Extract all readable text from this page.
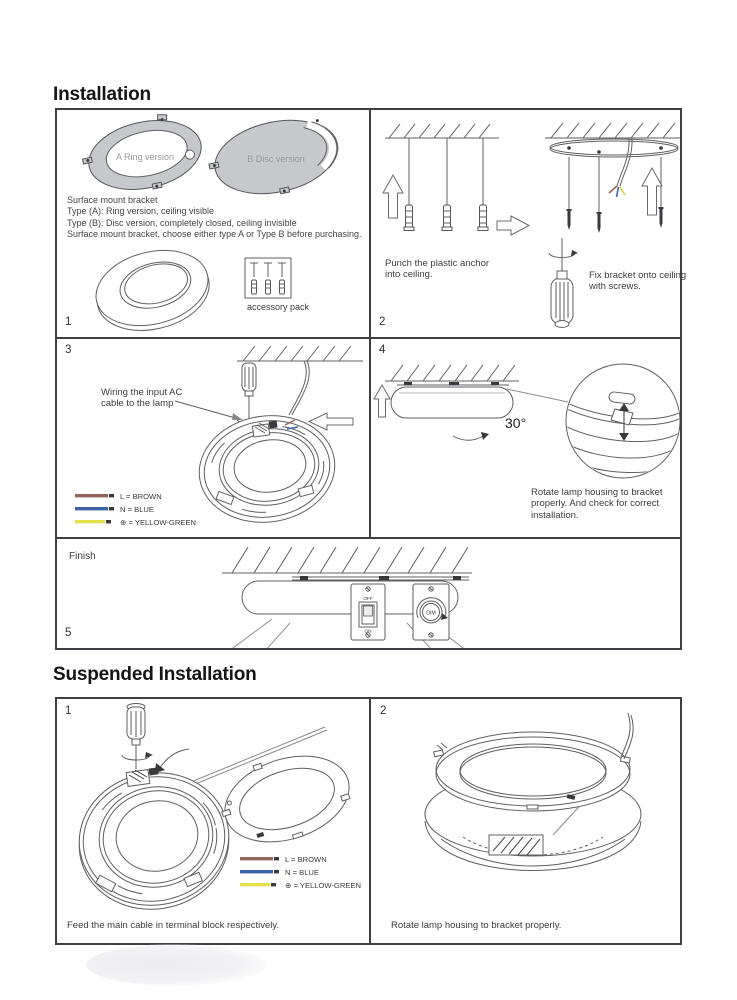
Installation
A Ring version	B Disc version
Surface mount bracket
Type (A): Ring version, ceiling visible
Type (B): Disc version, completely closed, ceiling invisible
Surface mount bracket, choose either type A or Type B before purchasing.
accessory pack
1
Punch the plastic anchor into ceiling.	Fix bracket onto ceiling with screws.
2
Wiring the input AC cable to the lamp
L = BROWN
N = BLUE
⊕ = YELLOW-GREEN
3
30°
Rotate lamp housing to bracket properly. And check for correct installation.
4
OFF
ON
DIM
Finish
5
Suspended Installation
L = BROWN
N = BLUE
⊕ = YELLOW-GREEN
Feed the main cable in terminal block respectively.
1
Rotate lamp housing to bracket properly.
2
